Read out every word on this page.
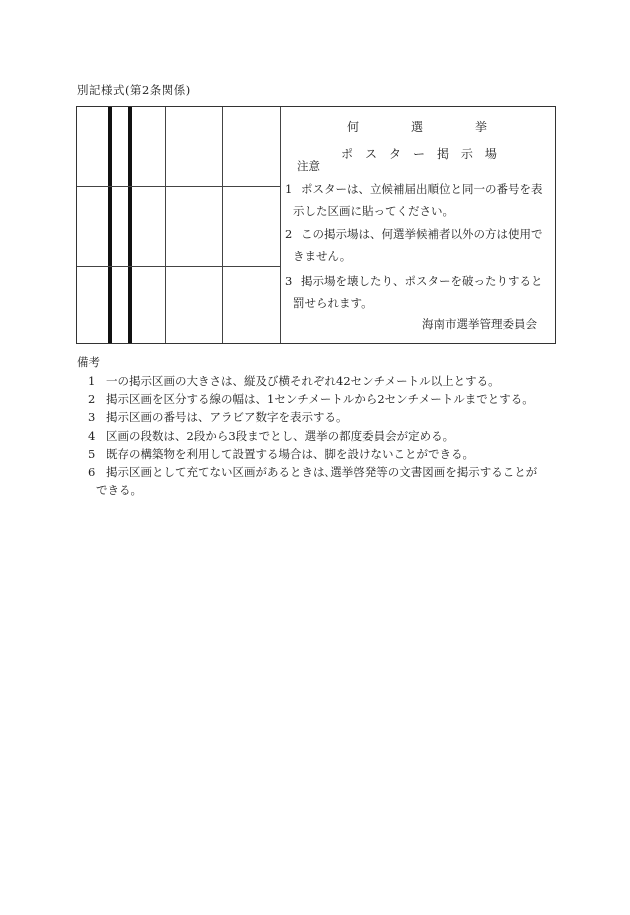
別記様式(第2条関係)
何	選	挙
ポ ス タ ー 掲 示 場
注意
1 ポスターは、立候補届出順位と同一の番号を表
示した区画に貼ってください。
2 この掲示場は、何選挙候補者以外の方は使用で
きません。
3 掲示場を壊したり、ポスターを破ったりすると
罰せられます。
海南市選挙管理委員会
備考
1 一の掲示区画の大きさは、縦及び横それぞれ42センチメートル以上とする。
2 掲示区画を区分する線の幅は、1センチメートルから2センチメートルまでとする。
3 掲示区画の番号は、アラビア数字を表示する。
4 区画の段数は、2段から3段までとし、選挙の都度委員会が定める。
5 既存の構築物を利用して設置する場合は、脚を設けないことができる。
6 掲示区画として充てない区画があるときは､選挙啓発等の文書図画を掲示することが
できる。
